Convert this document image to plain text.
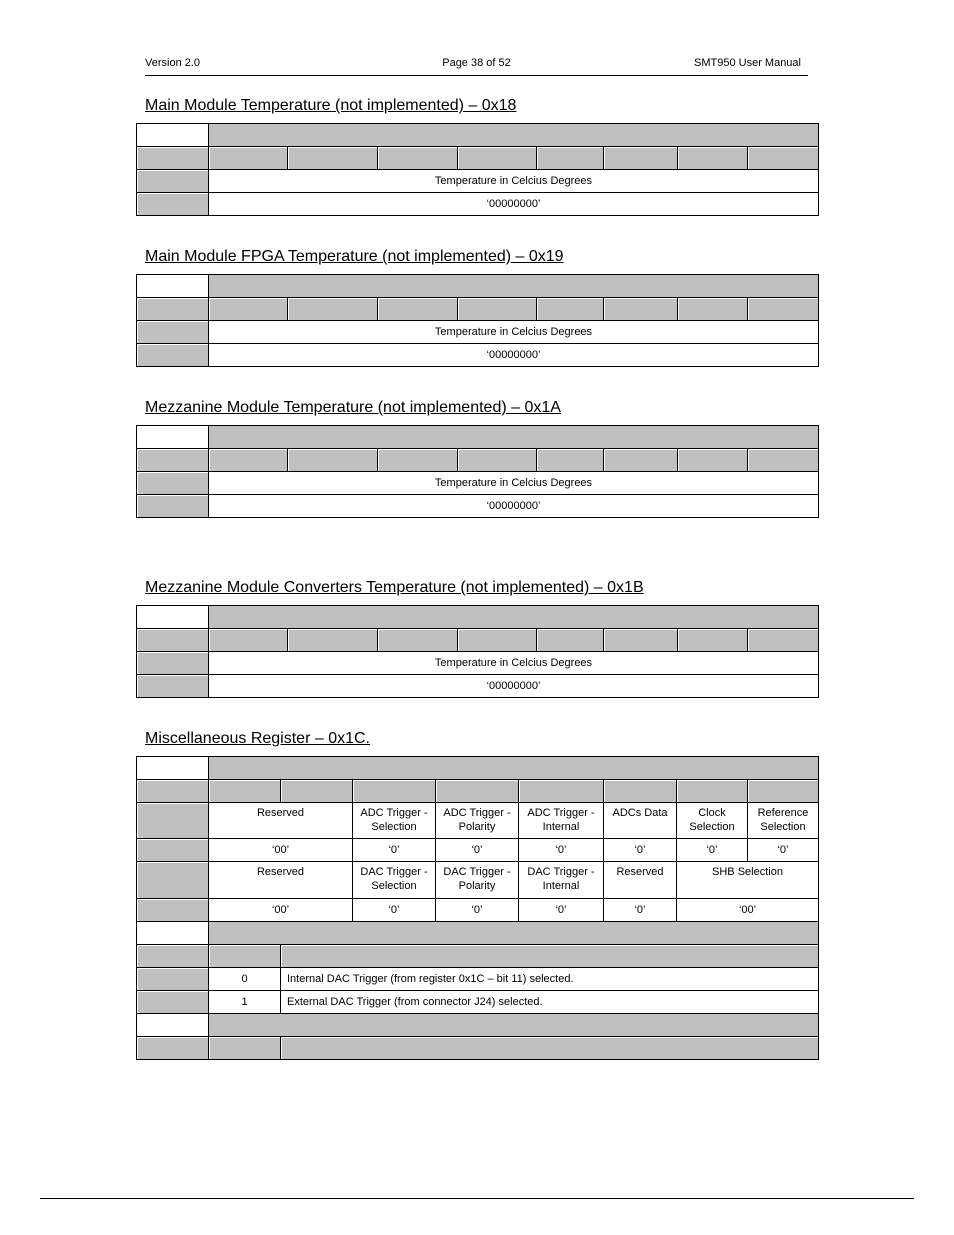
Version 2.0	Page 38 of 52	SMT950 User Manual
Main Module Temperature (not implemented) – 0x18

	Temperature in Celcius Degrees							
	‘00000000’							
Main Module FPGA Temperature (not implemented) – 0x19

	Temperature in Celcius Degrees							
	‘00000000’							
Mezzanine Module Temperature (not implemented) – 0x1A

	Temperature in Celcius Degrees							
	‘00000000’							
Mezzanine Module Converters Temperature (not implemented) – 0x1B

	Temperature in Celcius Degrees							
	‘00000000’							
Miscellaneous Register – 0x1C.

	Reserved		ADC Trigger - Selection	ADC Trigger - Polarity	ADC Trigger - Internal	ADCs Data	Clock Selection	Reference Selection
	‘00’		‘0’	‘0’	‘0’	‘0’	‘0’	‘0’
	Reserved		DAC Trigger - Selection	DAC Trigger - Polarity	DAC Trigger - Internal	Reserved	SHB Selection	
	‘00’		‘0’	‘0’	‘0’	‘0’	‘00’	

	0	Internal DAC Trigger (from register 0x1C – bit 11) selected.						
	1	External DAC Trigger (from connector J24) selected.						
